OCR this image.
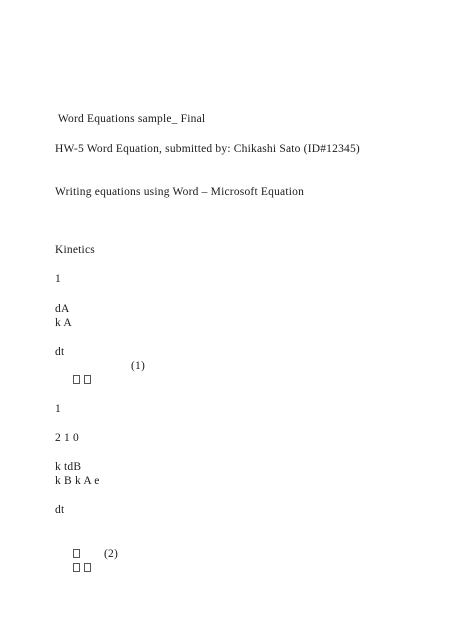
Word Equations sample_ Final
HW-5 Word Equation, submitted by: Chikashi Sato (ID#12345)
Writing equations using Word – Microsoft Equation
Kinetics
1
dA
k A
dt

(1)
1
2 1 0
k tdB
k B k A e
dt

(2)
